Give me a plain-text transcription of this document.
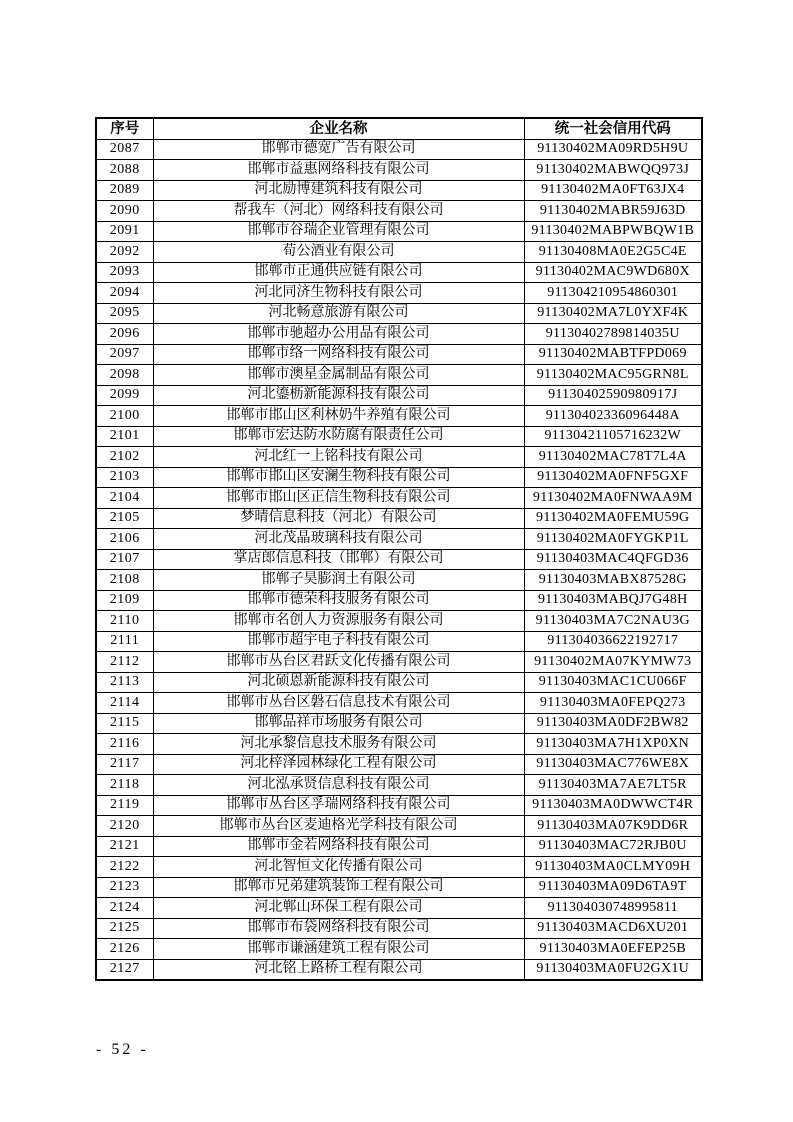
序号	企业名称	统一社会信用代码
2087	邯郸市德宽广告有限公司	91130402MA09RD5H9U
2088	邯郸市益惠网络科技有限公司	91130402MABWQQ973J
2089	河北励博建筑科技有限公司	91130402MA0FT63JX4
2090	帮我车（河北）网络科技有限公司	91130402MABR59J63D
2091	邯郸市谷瑞企业管理有限公司	91130402MABPWBQW1B
2092	荀公酒业有限公司	91130408MA0E2G5C4E
2093	邯郸市正通供应链有限公司	91130402MAC9WD680X
2094	河北同济生物科技有限公司	911304210954860301
2095	河北畅意旅游有限公司	91130402MA7L0YXF4K
2096	邯郸市驰超办公用品有限公司	91130402789814035U
2097	邯郸市络一网络科技有限公司	91130402MABTFPD069
2098	邯郸市澳星金属制品有限公司	91130402MAC95GRN8L
2099	河北鎏枥新能源科技有限公司	91130402590980917J
2100	邯郸市邯山区利林奶牛养殖有限公司	91130402336096448A
2101	邯郸市宏达防水防腐有限责任公司	91130421105716232W
2102	河北红一上铭科技有限公司	91130402MAC78T7L4A
2103	邯郸市邯山区安澜生物科技有限公司	91130402MA0FNF5GXF
2104	邯郸市邯山区正信生物科技有限公司	91130402MA0FNWAA9M
2105	梦晴信息科技（河北）有限公司	91130402MA0FEMU59G
2106	河北茂晶玻璃科技有限公司	91130402MA0FYGKP1L
2107	掌店郎信息科技（邯郸）有限公司	91130403MAC4QFGD36
2108	邯郸子昊膨润土有限公司	91130403MABX87528G
2109	邯郸市德荣科技服务有限公司	91130403MABQJ7G48H
2110	邯郸市名创人力资源服务有限公司	91130403MA7C2NAU3G
2111	邯郸市超宇电子科技有限公司	911304036622192717
2112	邯郸市丛台区君跃文化传播有限公司	91130402MA07KYMW73
2113	河北硕恩新能源科技有限公司	91130403MAC1CU066F
2114	邯郸市丛台区磐石信息技术有限公司	91130403MA0FEPQ273
2115	邯郸品祥市场服务有限公司	91130403MA0DF2BW82
2116	河北承黎信息技术服务有限公司	91130403MA7H1XP0XN
2117	河北梓泽园林绿化工程有限公司	91130403MAC776WE8X
2118	河北泓承贤信息科技有限公司	91130403MA7AE7LT5R
2119	邯郸市丛台区孚瑞网络科技有限公司	91130403MA0DWWCT4R
2120	邯郸市丛台区麦迪格光学科技有限公司	91130403MA07K9DD6R
2121	邯郸市金若网络科技有限公司	91130403MAC72RJB0U
2122	河北智恒文化传播有限公司	91130403MA0CLMY09H
2123	邯郸市兄弟建筑装饰工程有限公司	91130403MA09D6TA9T
2124	河北郸山环保工程有限公司	911304030748995811
2125	邯郸市布袋网络科技有限公司	91130403MACD6XU201
2126	邯郸市谦涵建筑工程有限公司	91130403MA0EFEP25B
2127	河北铭上路桥工程有限公司	91130403MA0FU2GX1U
- 52 -
